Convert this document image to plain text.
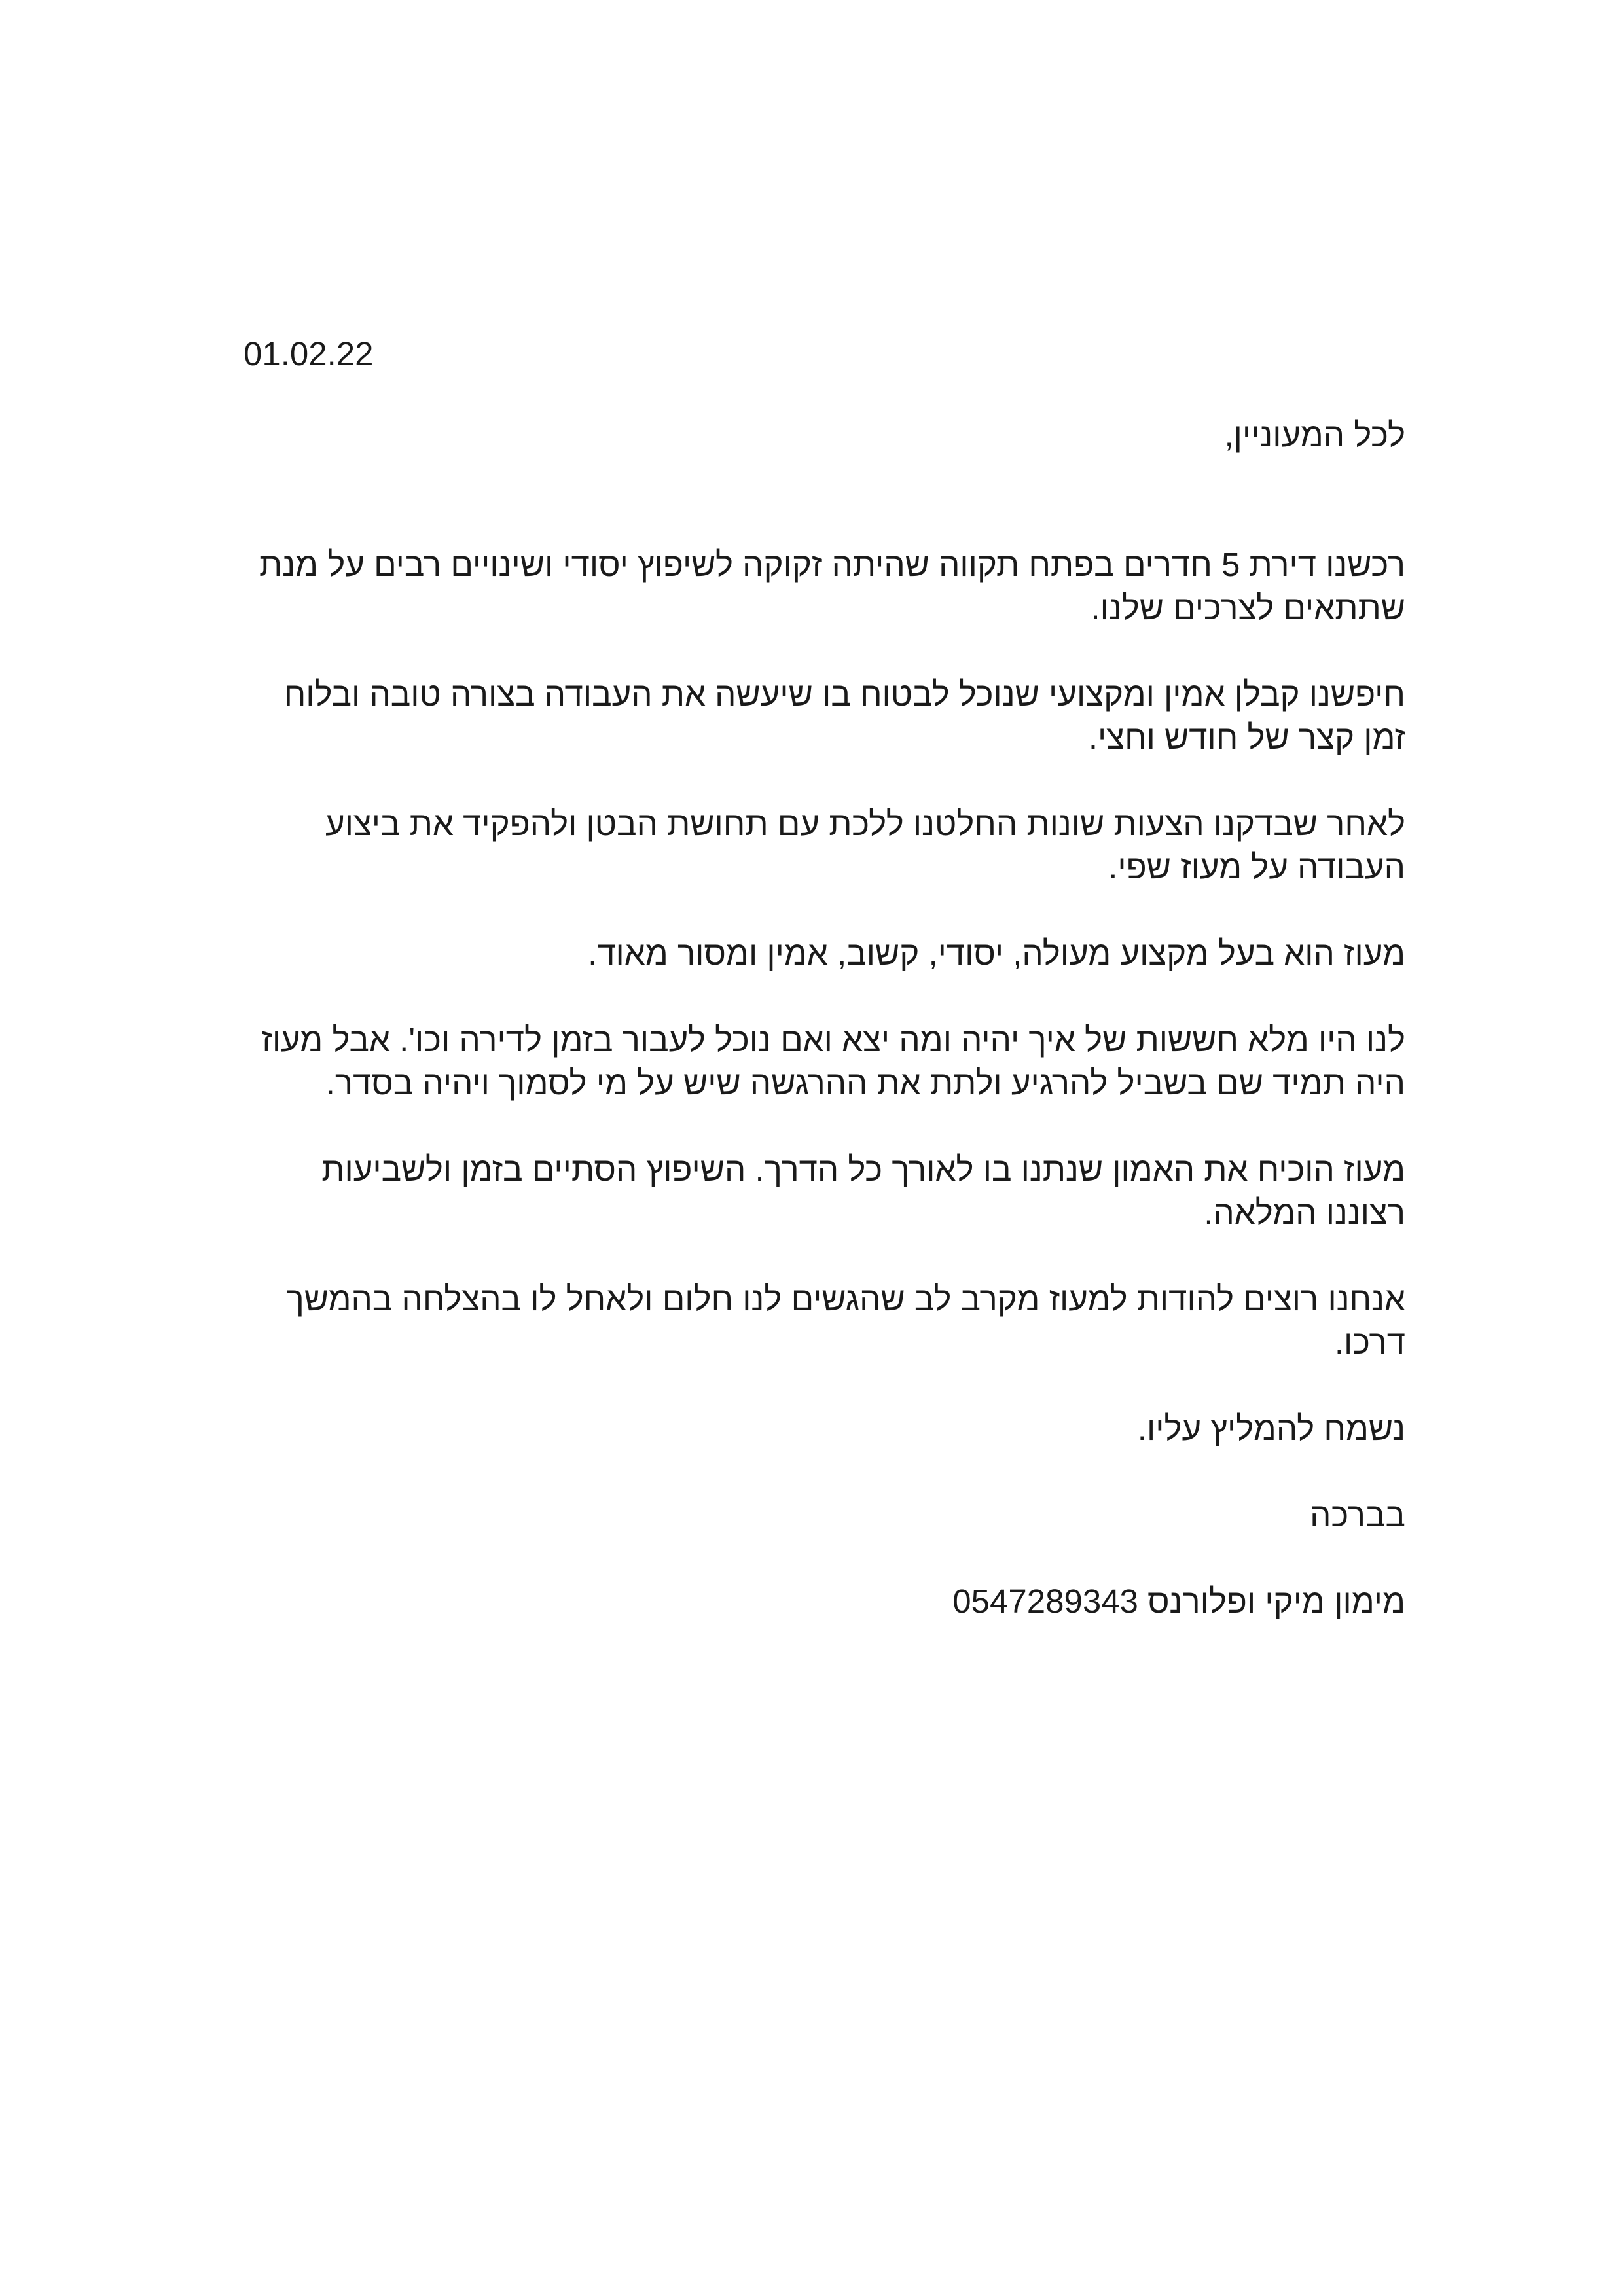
01.02.22

לכל המעוניין,

רכשנו דירת 5 חדרים בפתח תקווה שהיתה זקוקה לשיפוץ יסודי ושינויים רבים על מנת שתתאים לצרכים שלנו.

חיפשנו קבלן אמין ומקצועי שנוכל לבטוח בו שיעשה את העבודה בצורה טובה ובלוח זמן קצר של חודש וחצי.

לאחר שבדקנו הצעות שונות החלטנו ללכת עם תחושת הבטן ולהפקיד את ביצוע העבודה על מעוז שפי.

מעוז הוא בעל מקצוע מעולה, יסודי, קשוב, אמין ומסור מאוד.

לנו היו מלא חששות של איך יהיה ומה יצא ואם נוכל לעבור בזמן לדירה וכו'. אבל מעוז היה תמיד שם בשביל להרגיע ולתת את ההרגשה שיש על מי לסמוך ויהיה בסדר.

מעוז הוכיח את האמון שנתנו בו לאורך כל הדרך. השיפוץ הסתיים בזמן ולשביעות רצוננו המלאה.

אנחנו רוצים להודות למעוז מקרב לב שהגשים לנו חלום ולאחל לו בהצלחה בהמשך דרכו.

נשמח להמליץ עליו.

בברכה

מימון מיקי ופלורנס 0547289343
